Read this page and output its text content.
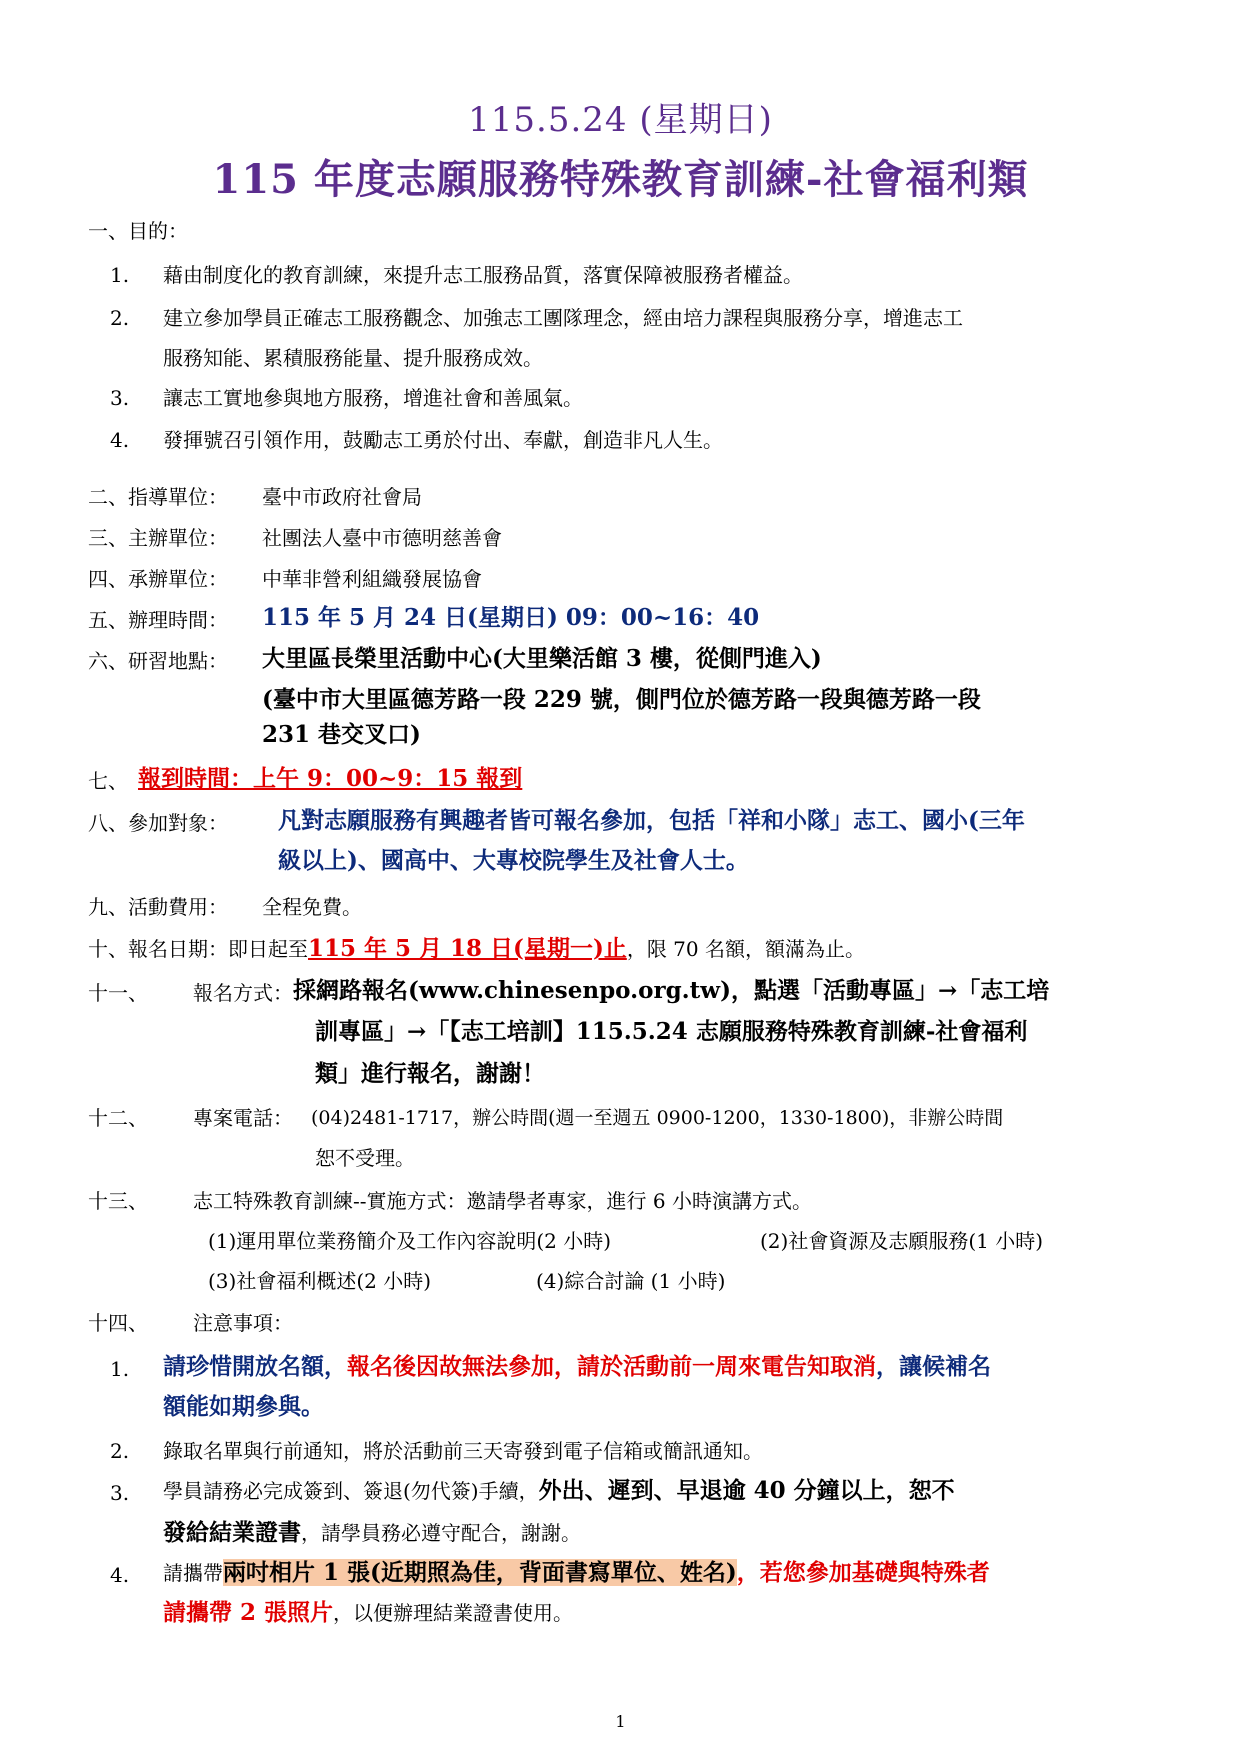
115.5.24 (星期日)
115 年度志願服務特殊教育訓練-社會福利類
一、目的：
1. 藉由制度化的教育訓練，來提升志工服務品質，落實保障被服務者權益。
2. 建立參加學員正確志工服務觀念、加強志工團隊理念，經由培力課程與服務分享，增進志工
服務知能、累積服務能量、提升服務成效。
3. 讓志工實地參與地方服務，增進社會和善風氣。
4. 發揮號召引領作用，鼓勵志工勇於付出、奉獻，創造非凡人生。
二、指導單位： 臺中市政府社會局
三、主辦單位： 社團法人臺中市德明慈善會
四、承辦單位： 中華非營利組織發展協會
五、辦理時間： 115 年 5 月 24 日(星期日) 09：00~16：40
六、研習地點： 大里區長榮里活動中心(大里樂活館 3 樓，從側門進入)
(臺中市大里區德芳路一段 229 號，側門位於德芳路一段與德芳路一段
231 巷交叉口)
七、 報到時間：上午 9：00~9：15 報到
八、參加對象： 凡對志願服務有興趣者皆可報名參加，包括「祥和小隊」志工、國小(三年
級以上)、國高中、大專校院學生及社會人士。
九、活動費用： 全程免費。
十、報名日期：即日起至115 年 5 月 18 日(星期一)止，限 70 名額，額滿為止。
十一、 報名方式： 採網路報名(www.chinesenpo.org.tw)，點選「活動專區」→「志工培
訓專區」→「【志工培訓】115.5.24 志願服務特殊教育訓練-社會福利
類」進行報名，謝謝！
十二、 專案電話： (04)2481-1717，辦公時間(週一至週五 0900-1200，1330-1800)，非辦公時間
恕不受理。
十三、 志工特殊教育訓練--實施方式：邀請學者專家，進行 6 小時演講方式。
(1)運用單位業務簡介及工作內容說明(2 小時)	(2)社會資源及志願服務(1 小時)
(3)社會福利概述(2 小時)	(4)綜合討論 (1 小時)
十四、 注意事項：
1. 請珍惜開放名額，報名後因故無法參加，請於活動前一周來電告知取消，讓候補名
額能如期參與。
2. 錄取名單與行前通知，將於活動前三天寄發到電子信箱或簡訊通知。
3. 學員請務必完成簽到、簽退(勿代簽)手續，外出、遲到、早退逾 40 分鐘以上，恕不
發給結業證書，請學員務必遵守配合，謝謝。
4. 請攜帶兩吋相片 1 張(近期照為佳，背面書寫單位、姓名)，若您參加基礎與特殊者
請攜帶 2 張照片，以便辦理結業證書使用。
1
